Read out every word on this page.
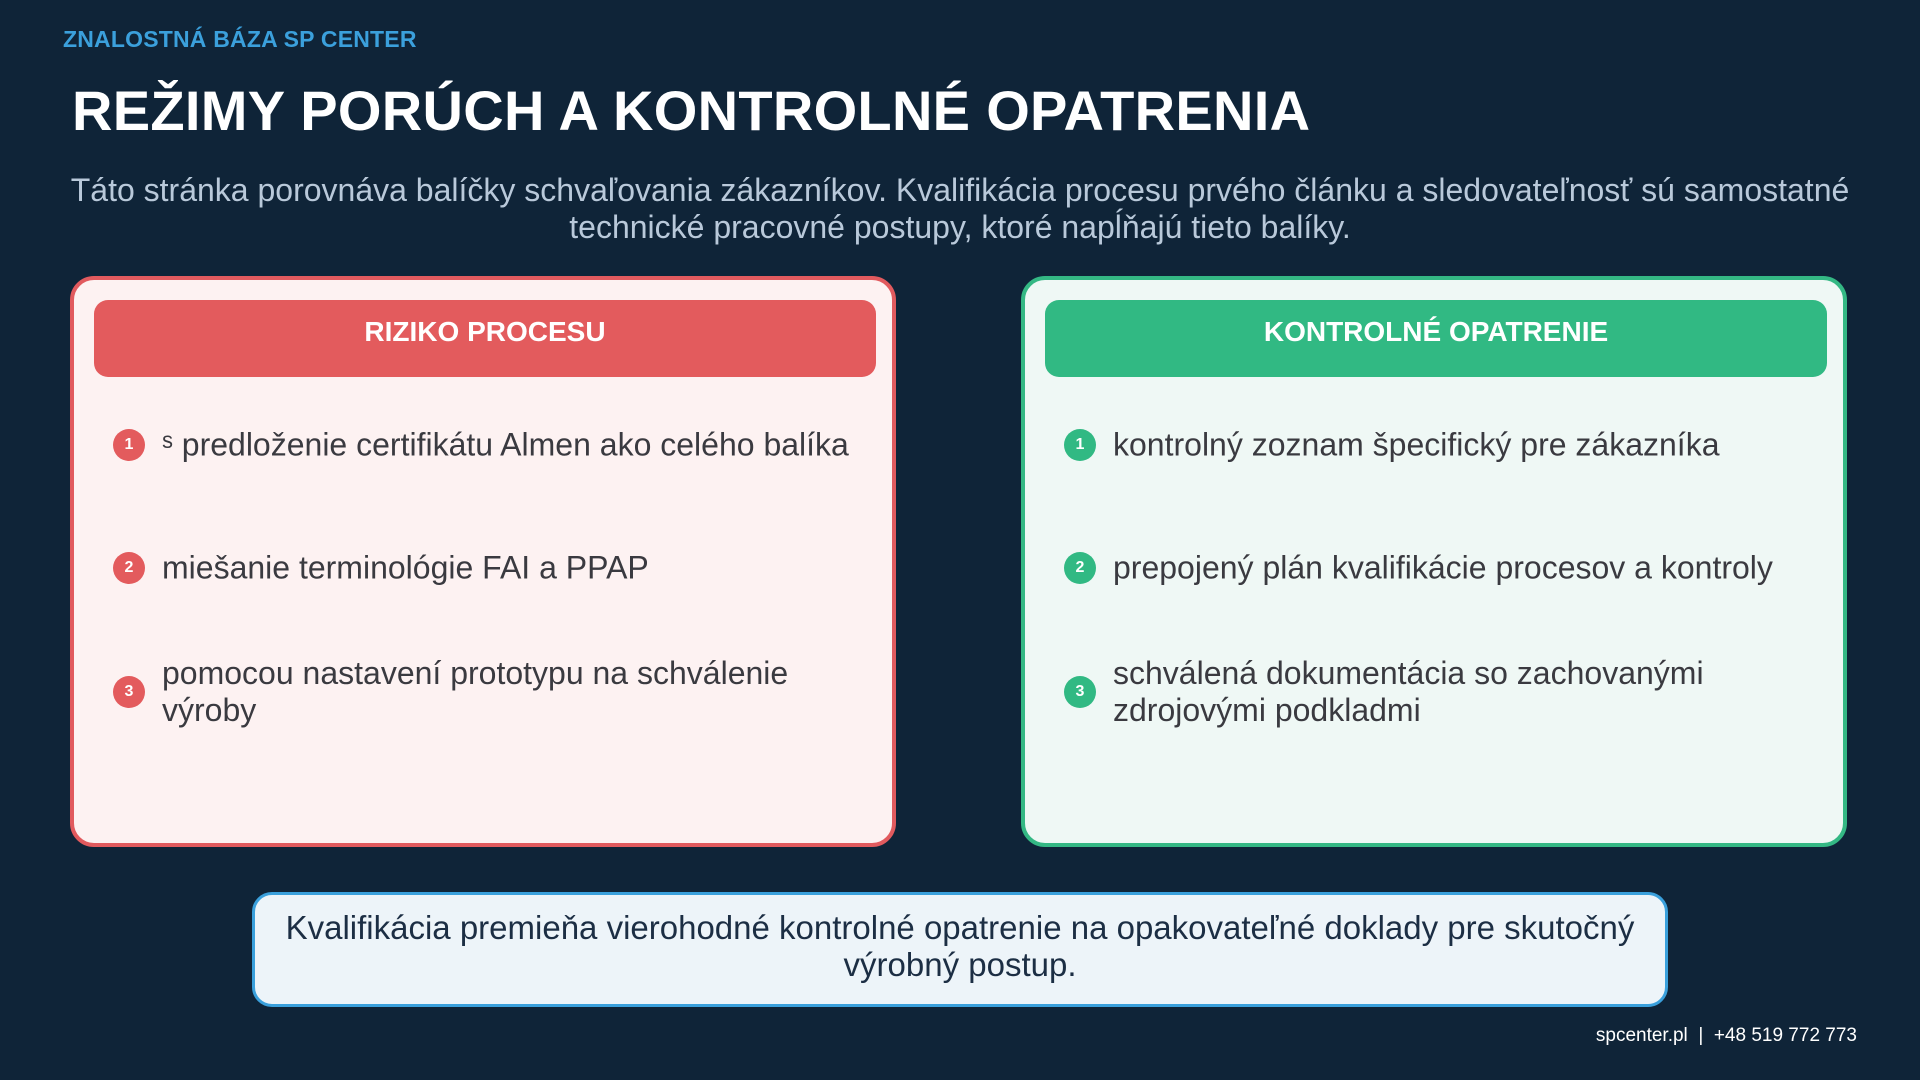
ZNALOSTNÁ BÁZA SP CENTER
REŽIMY PORÚCH A KONTROLNÉ OPATRENIA
Táto stránka porovnáva balíčky schvaľovania zákazníkov. Kvalifikácia procesu prvého článku a sledovateľnosť sú samostatné technické pracovné postupy, ktoré napĺňajú tieto balíky.
RIZIKO PROCESU
1 ˢ predloženie certifikátu Almen ako celého balíka
2 miešanie terminológie FAI a PPAP
3
pomocou nastavení prototypu na schválenie výroby
KONTROLNÉ OPATRENIE
1 kontrolný zoznam špecifický pre zákazníka
2 prepojený plán kvalifikácie procesov a kontroly
3
schválená dokumentácia so zachovanými zdrojovými podkladmi
Kvalifikácia premieňa vierohodné kontrolné opatrenie na opakovateľné doklady pre skutočný výrobný postup.
spcenter.pl  |  +48 519 772 773
